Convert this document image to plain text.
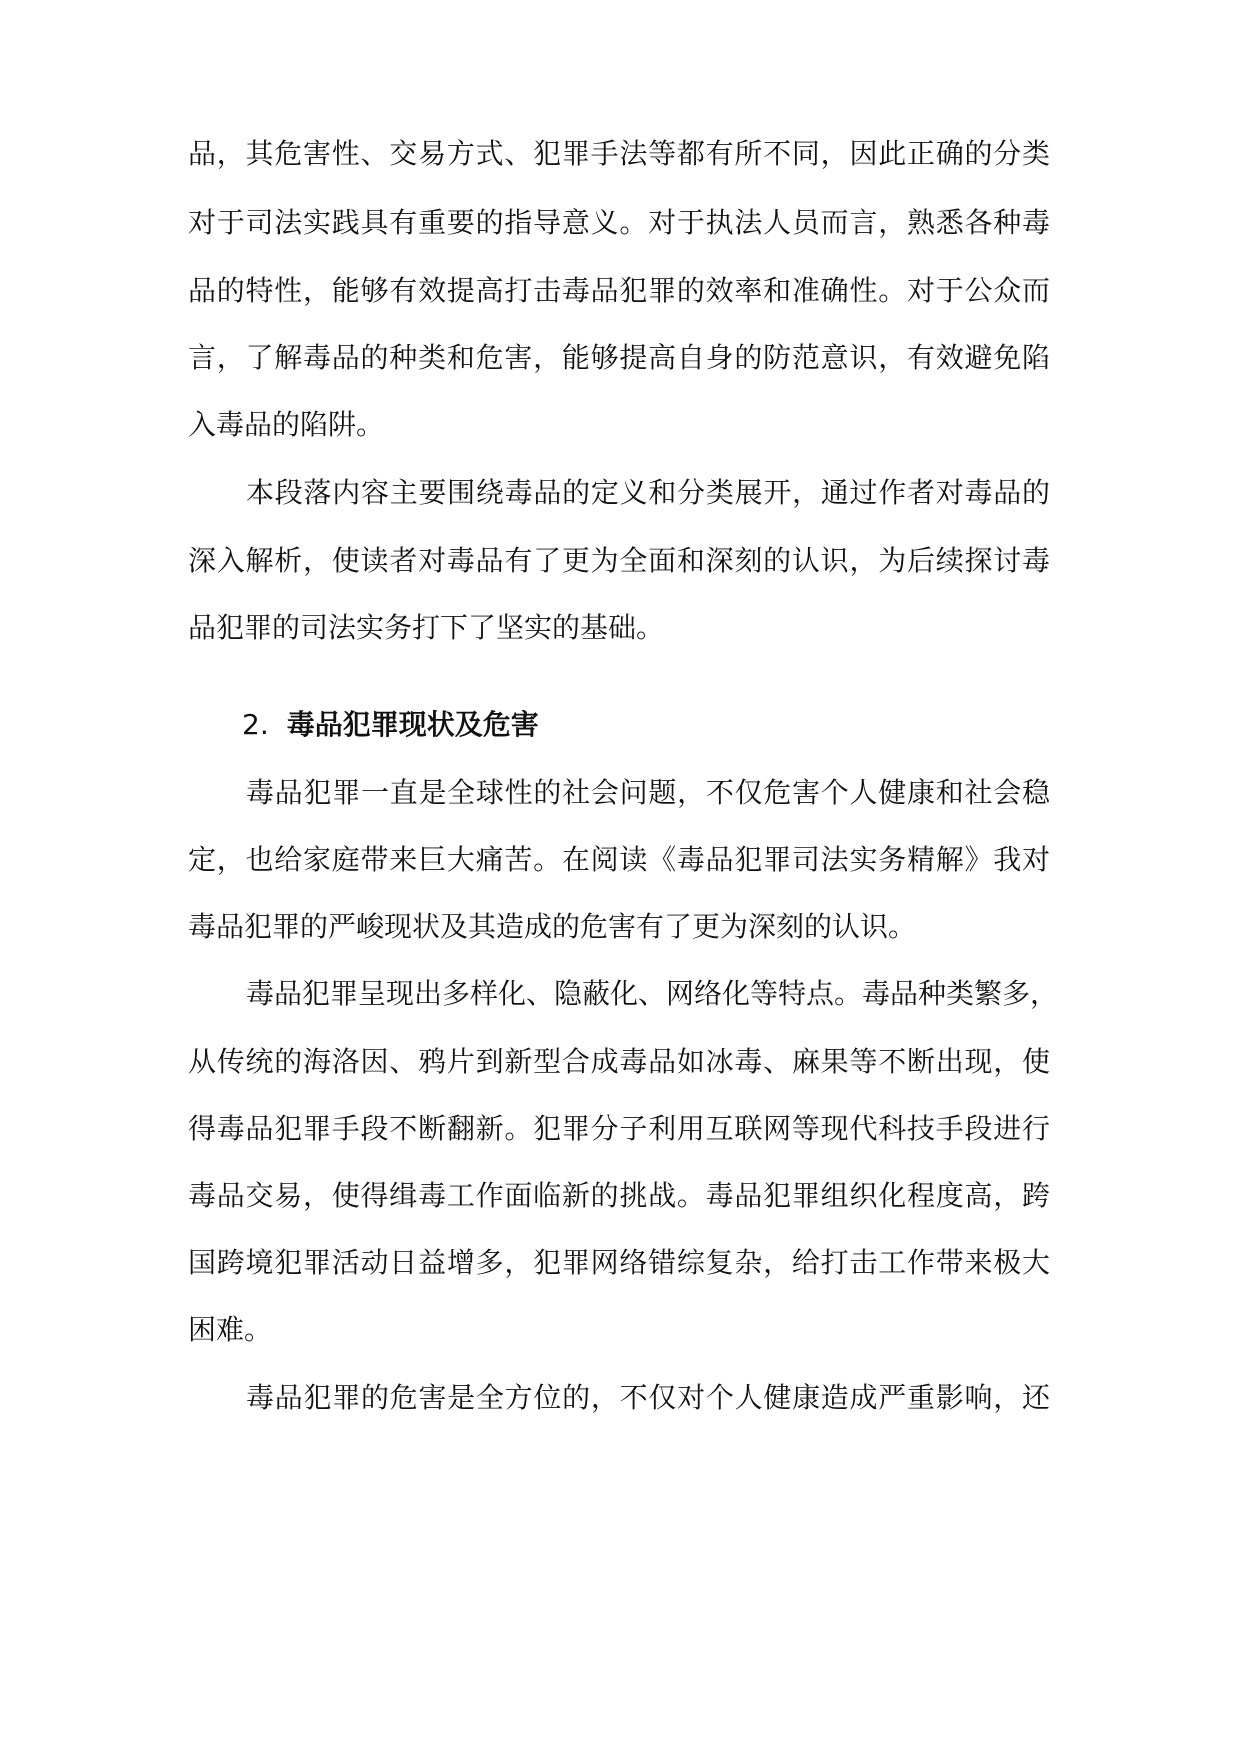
品，其危害性、交易方式、犯罪手法等都有所不同，因此正确的分类
对于司法实践具有重要的指导意义。对于执法人员而言，熟悉各种毒
品的特性，能够有效提高打击毒品犯罪的效率和准确性。对于公众而
言，了解毒品的种类和危害，能够提高自身的防范意识，有效避免陷
入毒品的陷阱。
本段落内容主要围绕毒品的定义和分类展开，通过作者对毒品的
深入解析，使读者对毒品有了更为全面和深刻的认识，为后续探讨毒
品犯罪的司法实务打下了坚实的基础。
2. 毒品犯罪现状及危害
毒品犯罪一直是全球性的社会问题，不仅危害个人健康和社会稳
定，也给家庭带来巨大痛苦。在阅读《毒品犯罪司法实务精解》我对
毒品犯罪的严峻现状及其造成的危害有了更为深刻的认识。
毒品犯罪呈现出多样化、隐蔽化、网络化等特点。毒品种类繁多，
从传统的海洛因、鸦片到新型合成毒品如冰毒、麻果等不断出现，使
得毒品犯罪手段不断翻新。犯罪分子利用互联网等现代科技手段进行
毒品交易，使得缉毒工作面临新的挑战。毒品犯罪组织化程度高，跨
国跨境犯罪活动日益增多，犯罪网络错综复杂，给打击工作带来极大
困难。
毒品犯罪的危害是全方位的，不仅对个人健康造成严重影响，还
